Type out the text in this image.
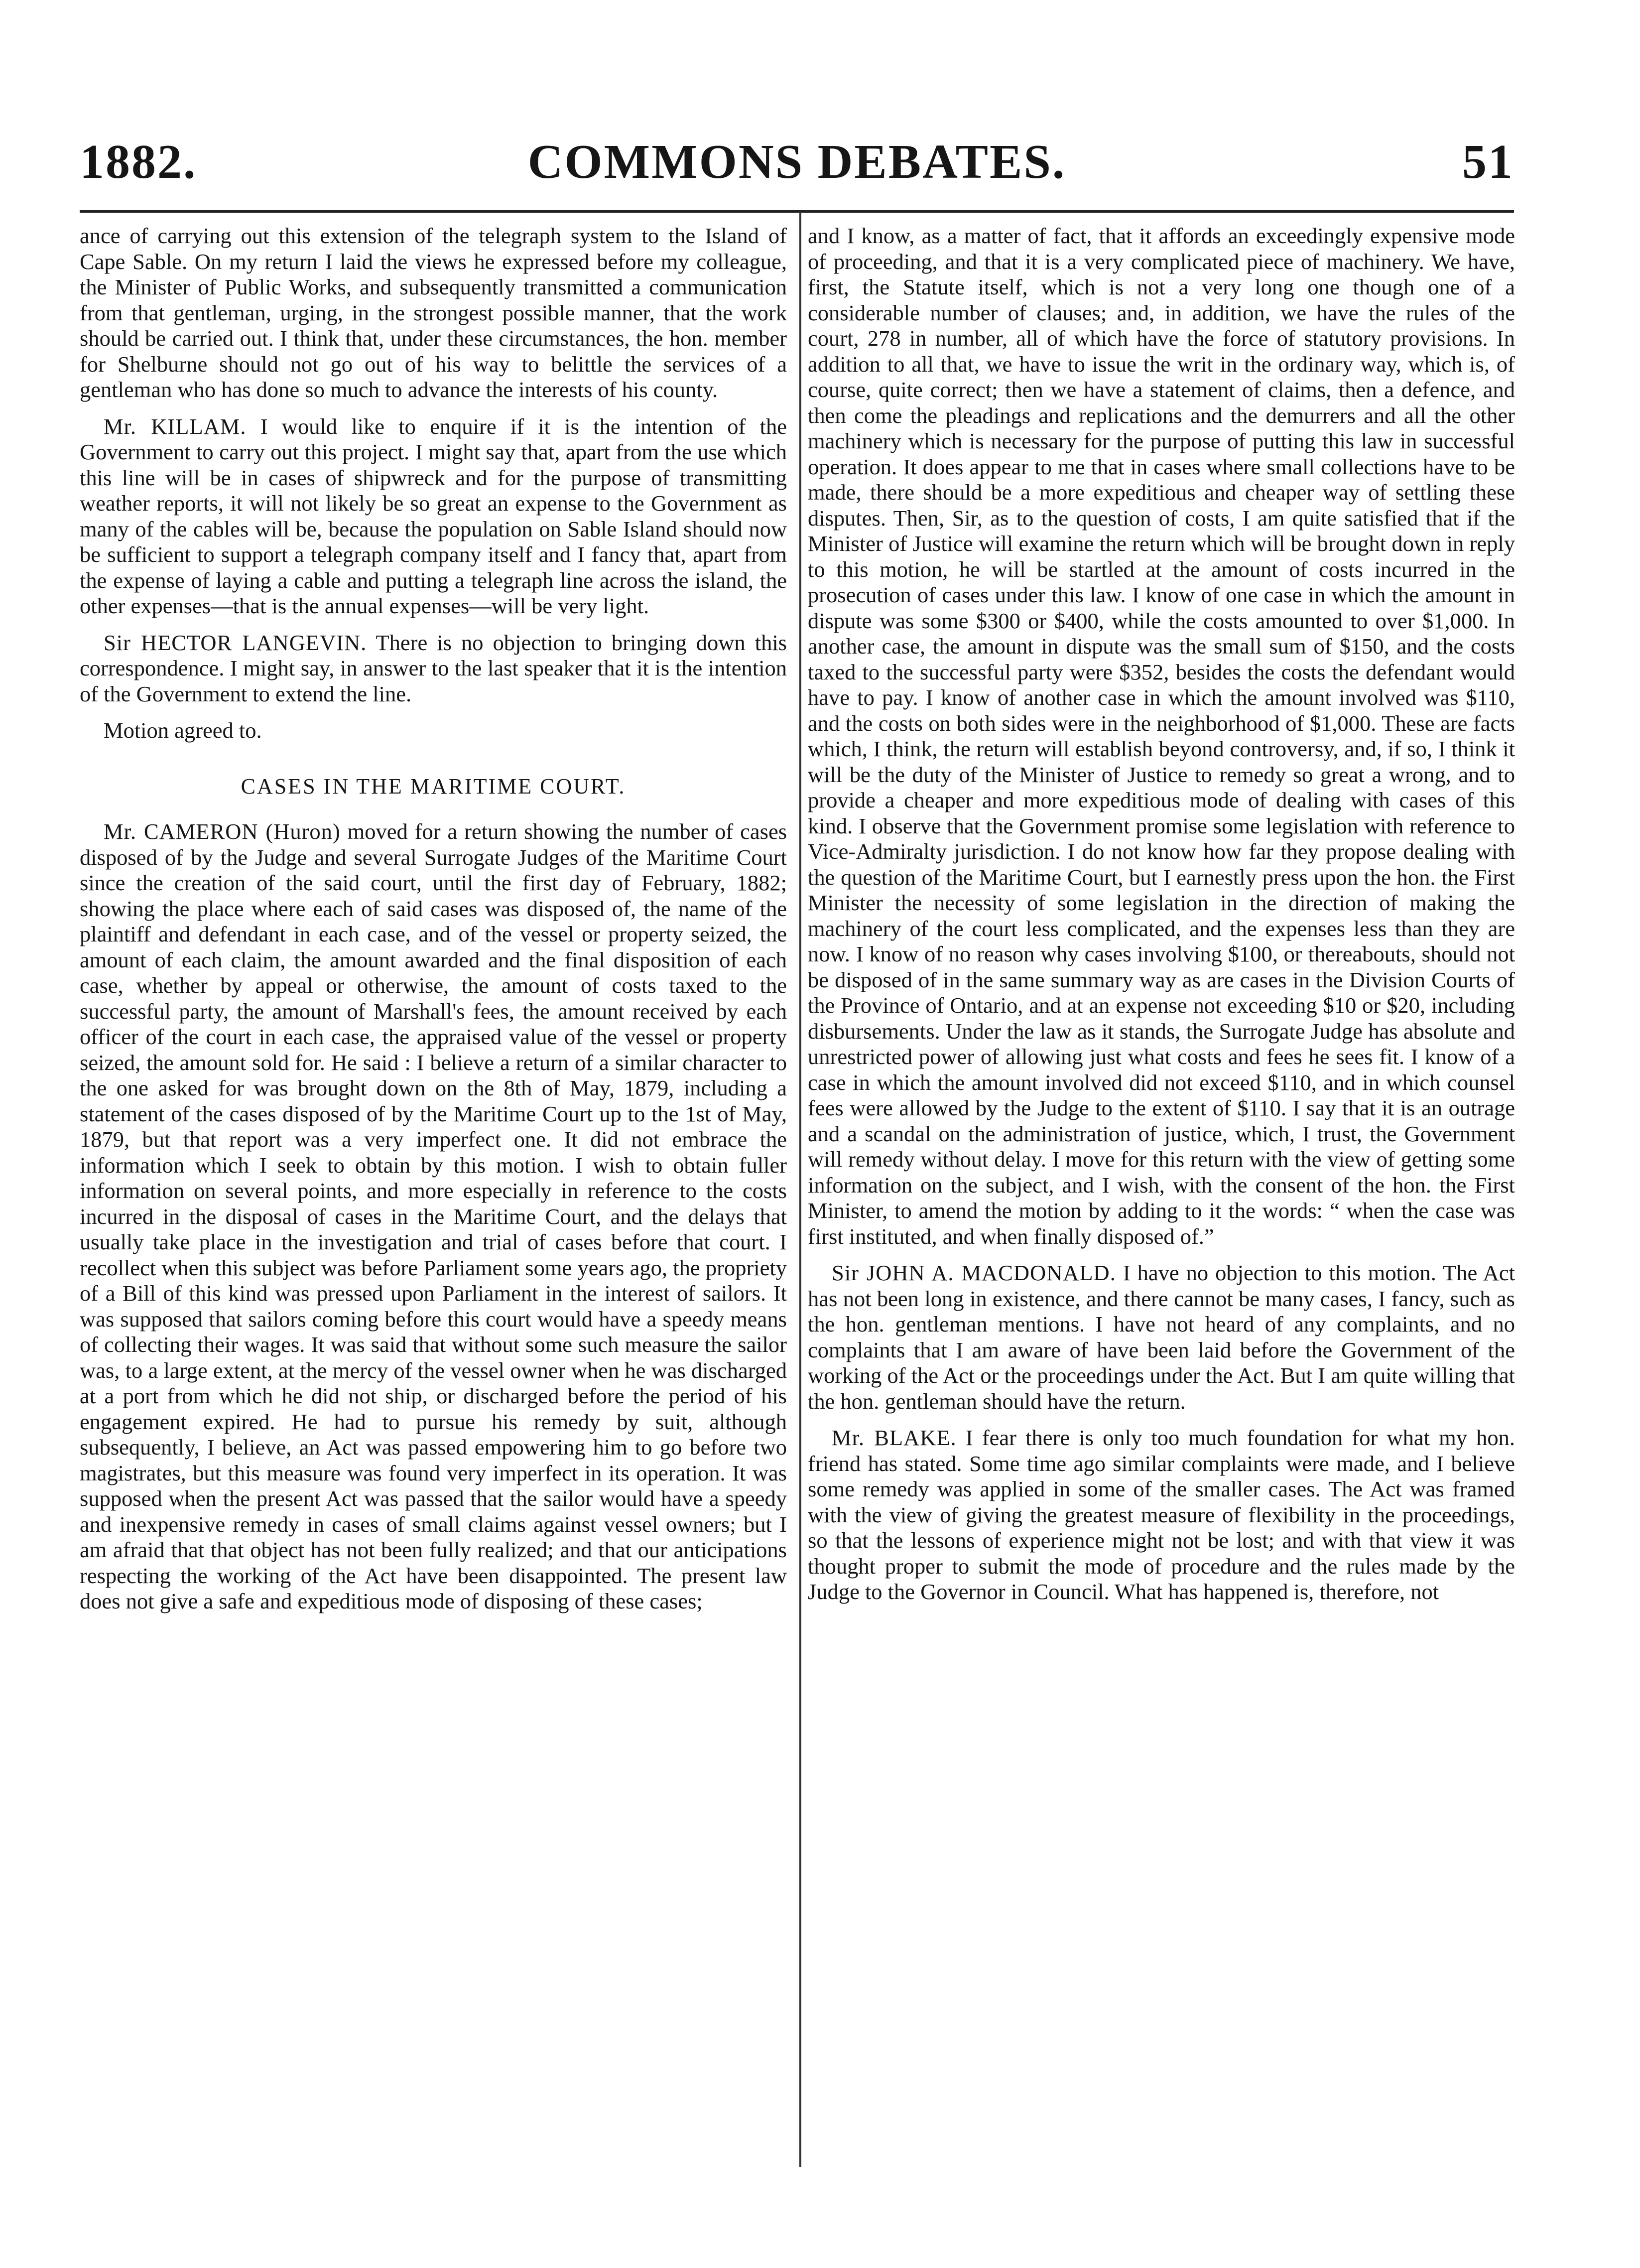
1882.	COMMONS DEBATES.	51

ance of carrying out this extension of the telegraph system to the Island of Cape Sable. On my return I laid the views he expressed before my colleague, the Minister of Public Works, and subsequently transmitted a communication from that gentleman, urging, in the strongest possible manner, that the work should be carried out. I think that, under these circumstances, the hon. member for Shelburne should not go out of his way to belittle the services of a gentleman who has done so much to advance the interests of his county.

Mr. KILLAM. I would like to enquire if it is the intention of the Government to carry out this project. I might say that, apart from the use which this line will be in cases of shipwreck and for the purpose of transmitting weather reports, it will not likely be so great an expense to the Government as many of the cables will be, because the population on Sable Island should now be sufficient to support a telegraph company itself and I fancy that, apart from the expense of laying a cable and putting a telegraph line across the island, the other expenses—that is the annual expenses—will be very light.

Sir HECTOR LANGEVIN. There is no objection to bringing down this correspondence. I might say, in answer to the last speaker that it is the intention of the Government to extend the line.

Motion agreed to.

CASES IN THE MARITIME COURT.

Mr. CAMERON (Huron) moved for a return showing the number of cases disposed of by the Judge and several Surrogate Judges of the Maritime Court since the creation of the said court, until the first day of February, 1882; showing the place where each of said cases was disposed of, the name of the plaintiff and defendant in each case, and of the vessel or property seized, the amount of each claim, the amount awarded and the final disposition of each case, whether by appeal or otherwise, the amount of costs taxed to the successful party, the amount of Marshall's fees, the amount received by each officer of the court in each case, the appraised value of the vessel or property seized, the amount sold for. He said : I believe a return of a similar character to the one asked for was brought down on the 8th of May, 1879, including a statement of the cases disposed of by the Maritime Court up to the 1st of May, 1879, but that report was a very imperfect one. It did not embrace the information which I seek to obtain by this motion. I wish to obtain fuller information on several points, and more especially in reference to the costs incurred in the disposal of cases in the Maritime Court, and the delays that usually take place in the investigation and trial of cases before that court. I recollect when this subject was before Parliament some years ago, the propriety of a Bill of this kind was pressed upon Parliament in the interest of sailors. It was supposed that sailors coming before this court would have a speedy means of collecting their wages. It was said that without some such measure the sailor was, to a large extent, at the mercy of the vessel owner when he was discharged at a port from which he did not ship, or discharged before the period of his engagement expired. He had to pursue his remedy by suit, although subsequently, I believe, an Act was passed empowering him to go before two magistrates, but this measure was found very imperfect in its operation. It was supposed when the present Act was passed that the sailor would have a speedy and inexpensive remedy in cases of small claims against vessel owners; but I am afraid that that object has not been fully realized; and that our anticipations respecting the working of the Act have been disappointed. The present law does not give a safe and expeditious mode of disposing of these cases;

and I know, as a matter of fact, that it affords an exceedingly expensive mode of proceeding, and that it is a very complicated piece of machinery. We have, first, the Statute itself, which is not a very long one though one of a considerable number of clauses; and, in addition, we have the rules of the court, 278 in number, all of which have the force of statutory provisions. In addition to all that, we have to issue the writ in the ordinary way, which is, of course, quite correct; then we have a statement of claims, then a defence, and then come the pleadings and replications and the demurrers and all the other machinery which is necessary for the purpose of putting this law in successful operation. It does appear to me that in cases where small collections have to be made, there should be a more expeditious and cheaper way of settling these disputes. Then, Sir, as to the question of costs, I am quite satisfied that if the Minister of Justice will examine the return which will be brought down in reply to this motion, he will be startled at the amount of costs incurred in the prosecution of cases under this law. I know of one case in which the amount in dispute was some $300 or $400, while the costs amounted to over $1,000. In another case, the amount in dispute was the small sum of $150, and the costs taxed to the successful party were $352, besides the costs the defendant would have to pay. I know of another case in which the amount involved was $110, and the costs on both sides were in the neighborhood of $1,000. These are facts which, I think, the return will establish beyond controversy, and, if so, I think it will be the duty of the Minister of Justice to remedy so great a wrong, and to provide a cheaper and more expeditious mode of dealing with cases of this kind. I observe that the Government promise some legislation with reference to Vice-Admiralty jurisdiction. I do not know how far they propose dealing with the question of the Maritime Court, but I earnestly press upon the hon. the First Minister the necessity of some legislation in the direction of making the machinery of the court less complicated, and the expenses less than they are now. I know of no reason why cases involving $100, or thereabouts, should not be disposed of in the same summary way as are cases in the Division Courts of the Province of Ontario, and at an expense not exceeding $10 or $20, including disbursements. Under the law as it stands, the Surrogate Judge has absolute and unrestricted power of allowing just what costs and fees he sees fit. I know of a case in which the amount involved did not exceed $110, and in which counsel fees were allowed by the Judge to the extent of $110. I say that it is an outrage and a scandal on the administration of justice, which, I trust, the Government will remedy without delay. I move for this return with the view of getting some information on the subject, and I wish, with the consent of the hon. the First Minister, to amend the motion by adding to it the words: “ when the case was first instituted, and when finally disposed of.”

Sir JOHN A. MACDONALD. I have no objection to this motion. The Act has not been long in existence, and there cannot be many cases, I fancy, such as the hon. gentleman mentions. I have not heard of any complaints, and no complaints that I am aware of have been laid before the Government of the working of the Act or the proceedings under the Act. But I am quite willing that the hon. gentleman should have the return.

Mr. BLAKE. I fear there is only too much foundation for what my hon. friend has stated. Some time ago similar complaints were made, and I believe some remedy was applied in some of the smaller cases. The Act was framed with the view of giving the greatest measure of flexibility in the proceedings, so that the lessons of experience might not be lost; and with that view it was thought proper to submit the mode of procedure and the rules made by the Judge to the Governor in Council. What has happened is, therefore, not
